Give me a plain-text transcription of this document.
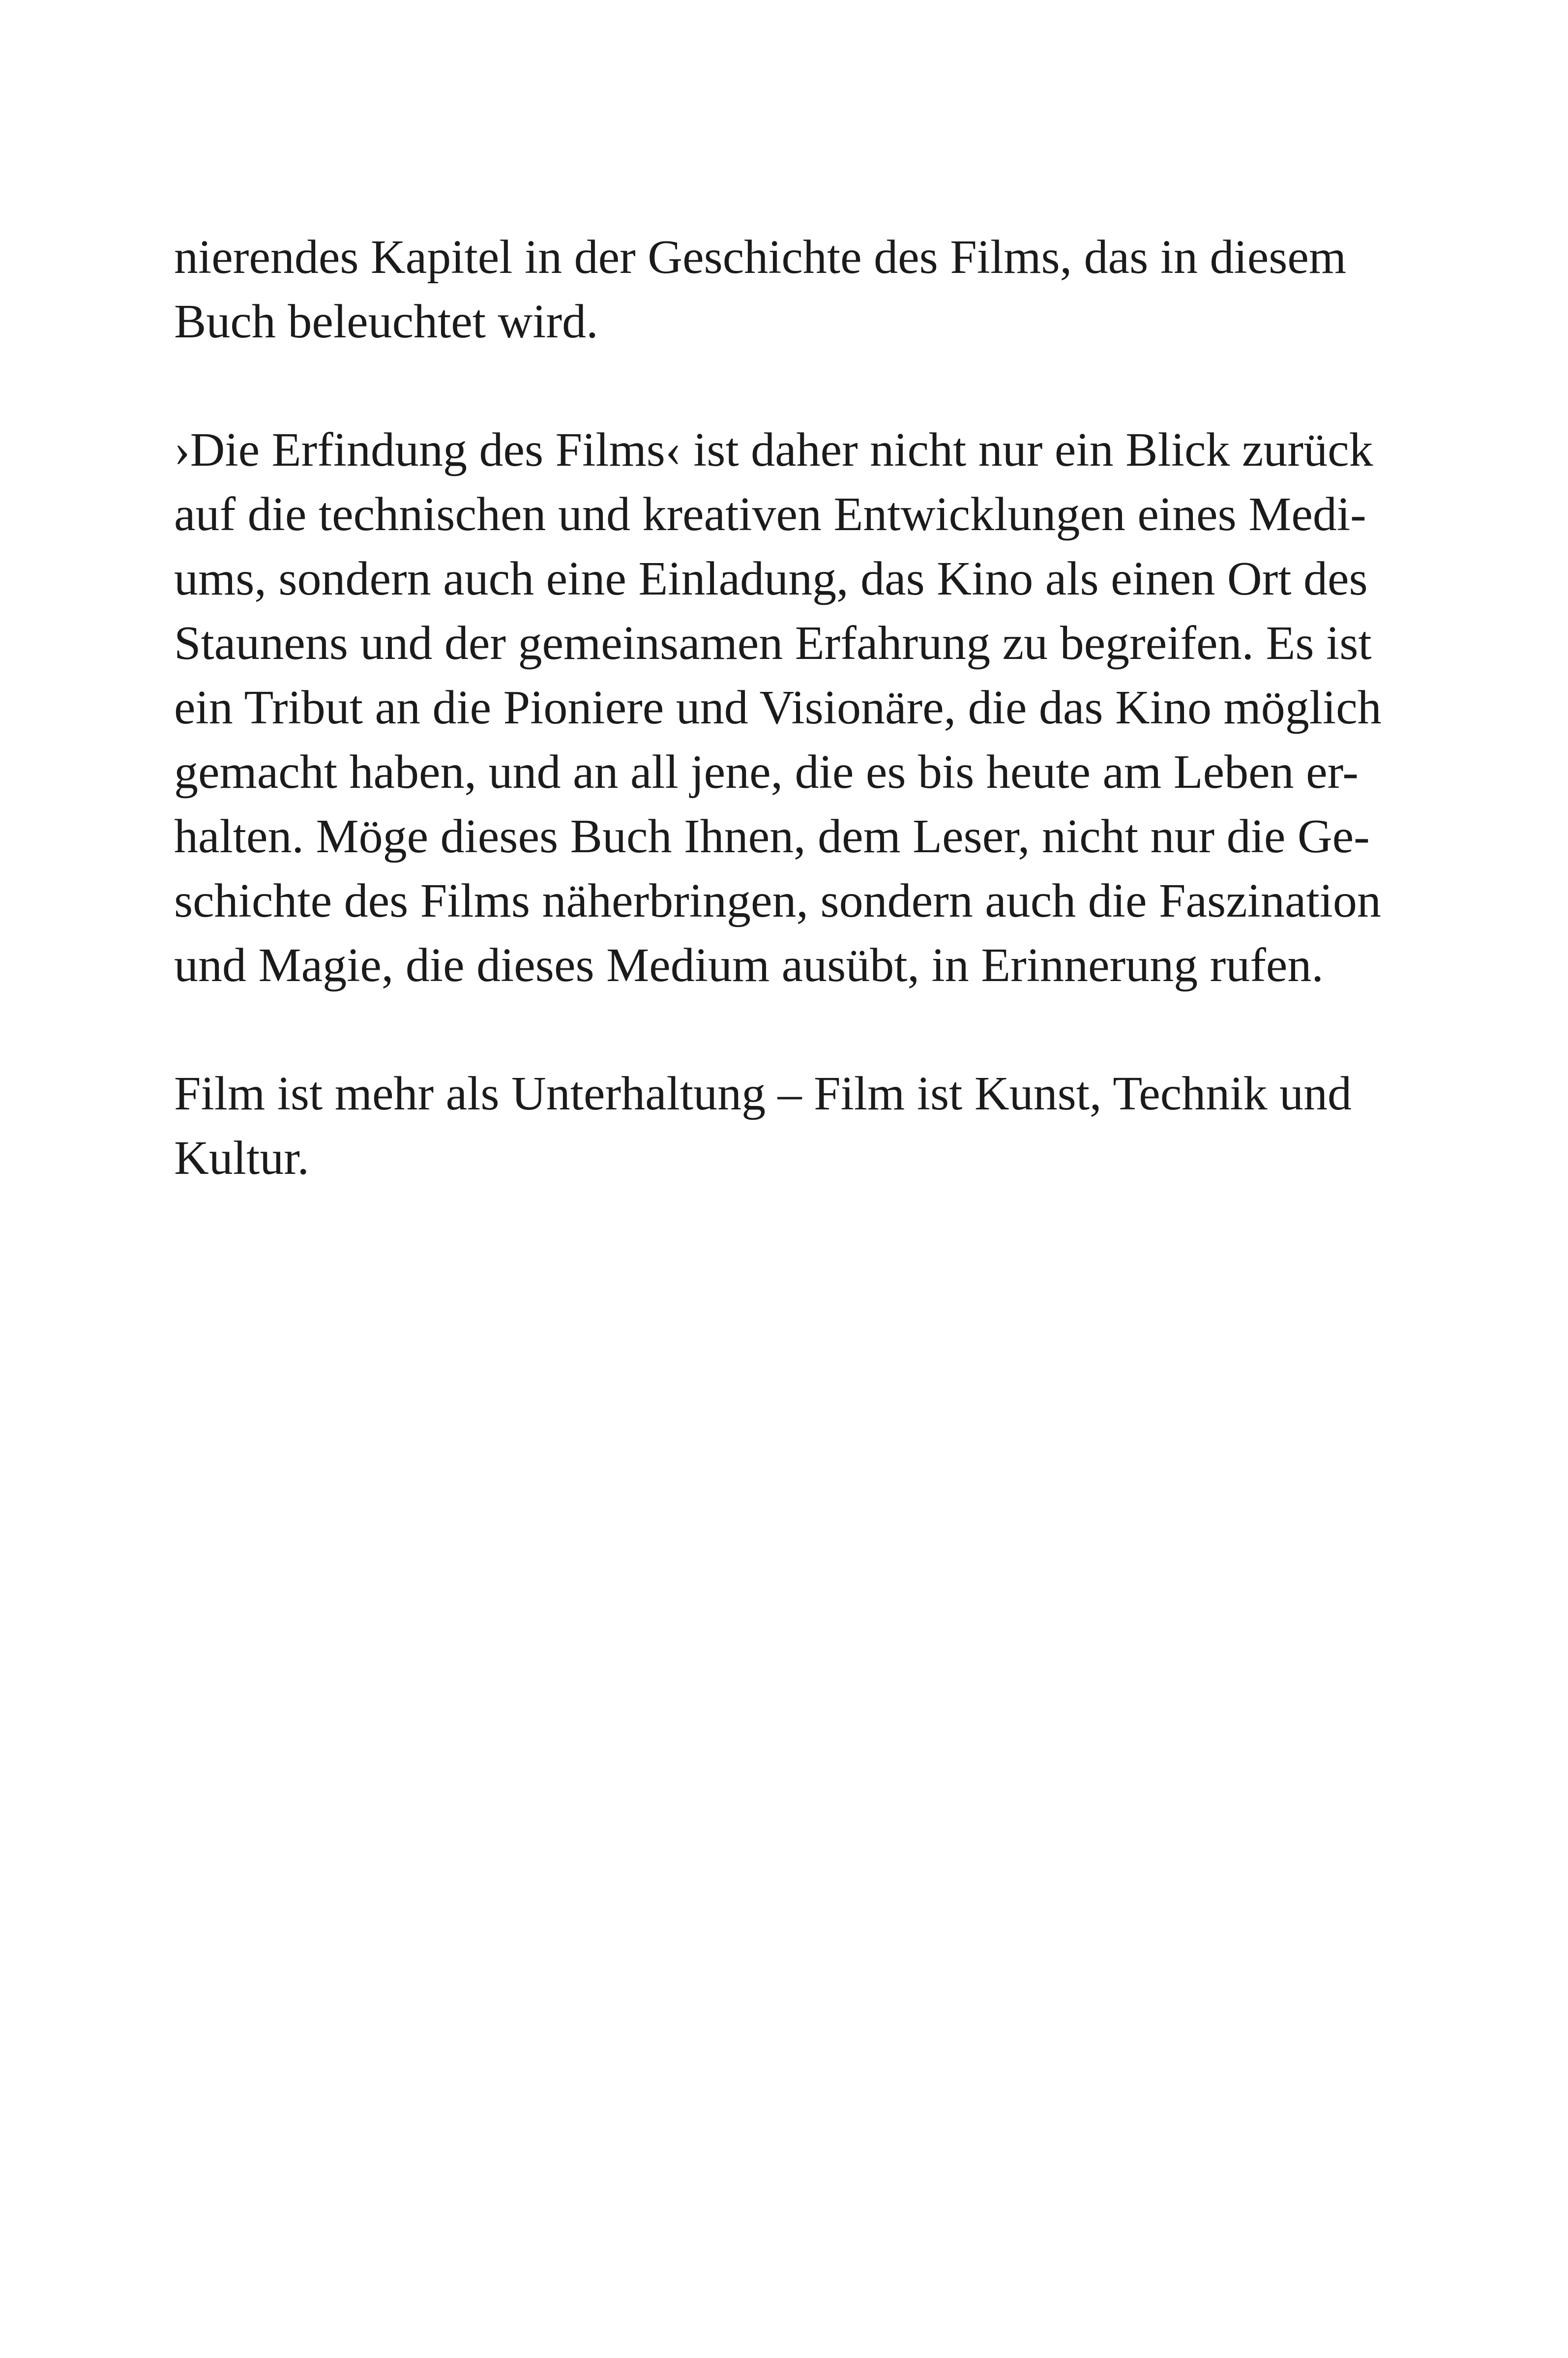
nierendes Kapitel in der Geschichte des Films, das in diesem
Buch beleuchtet wird.

›Die Erfindung des Films‹ ist daher nicht nur ein Blick zurück
auf die technischen und kreativen Entwicklungen eines Medi-
ums, sondern auch eine Einladung, das Kino als einen Ort des
Staunens und der gemeinsamen Erfahrung zu begreifen. Es ist
ein Tribut an die Pioniere und Visionäre, die das Kino möglich
gemacht haben, und an all jene, die es bis heute am Leben er-
halten. Möge dieses Buch Ihnen, dem Leser, nicht nur die Ge-
schichte des Films näherbringen, sondern auch die Faszination
und Magie, die dieses Medium ausübt, in Erinnerung rufen.

Film ist mehr als Unterhaltung – Film ist Kunst, Technik und
Kultur.
